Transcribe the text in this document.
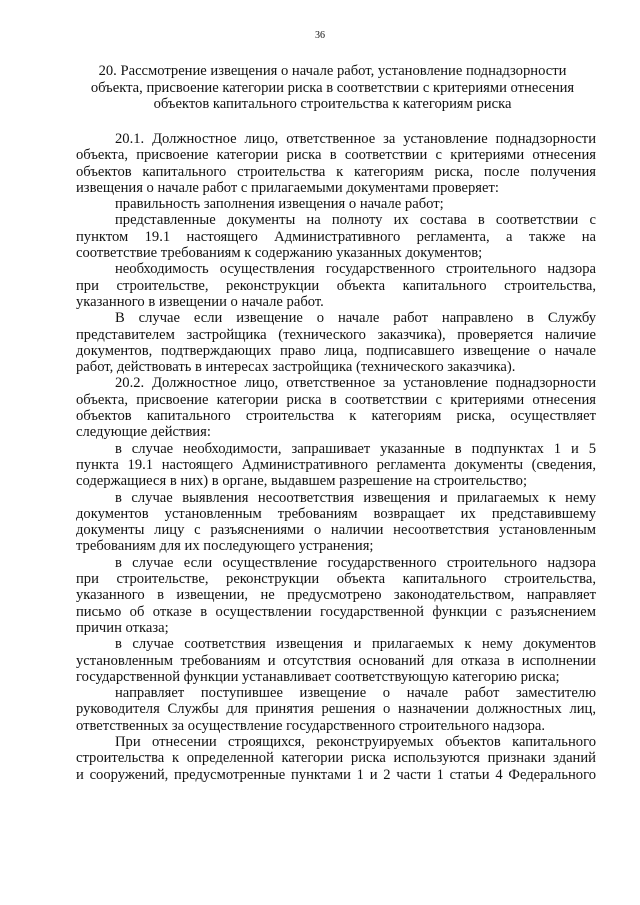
36
20. Рассмотрение извещения о начале работ, установление поднадзорности
объекта, присвоение категории риска в соответствии с критериями отнесения
объектов капитального строительства к категориям риска
20.1. Должностное лицо, ответственное за установление поднадзорности
объекта, присвоение категории риска в соответствии с критериями отнесения
объектов капитального строительства к категориям риска, после получения
извещения о начале работ с прилагаемыми документами проверяет:
правильность заполнения извещения о начале работ;
представленные документы на полноту их состава в соответствии с
пунктом 19.1 настоящего Административного регламента, а также на
соответствие требованиям к содержанию указанных документов;
необходимость осуществления государственного строительного надзора
при строительстве, реконструкции объекта капитального строительства,
указанного в извещении о начале работ.
В случае если извещение о начале работ направлено в Службу
представителем застройщика (технического заказчика), проверяется наличие
документов, подтверждающих право лица, подписавшего извещение о начале
работ, действовать в интересах застройщика (технического заказчика).
20.2. Должностное лицо, ответственное за установление поднадзорности
объекта, присвоение категории риска в соответствии с критериями отнесения
объектов капитального строительства к категориям риска, осуществляет
следующие действия:
в случае необходимости, запрашивает указанные в подпунктах 1 и 5
пункта 19.1 настоящего Административного регламента документы (сведения,
содержащиеся в них) в органе, выдавшем разрешение на строительство;
в случае выявления несоответствия извещения и прилагаемых к нему
документов установленным требованиям возвращает их представившему
документы лицу с разъяснениями о наличии несоответствия установленным
требованиям для их последующего устранения;
в случае если осуществление государственного строительного надзора
при строительстве, реконструкции объекта капитального строительства,
указанного в извещении, не предусмотрено законодательством, направляет
письмо об отказе в осуществлении государственной функции с разъяснением
причин отказа;
в случае соответствия извещения и прилагаемых к нему документов
установленным требованиям и отсутствия оснований для отказа в исполнении
государственной функции устанавливает соответствующую категорию риска;
направляет поступившее извещение о начале работ заместителю
руководителя Службы для принятия решения о назначении должностных лиц,
ответственных за осуществление государственного строительного надзора.
При отнесении строящихся, реконструируемых объектов капитального
строительства к определенной категории риска используются признаки зданий
и сооружений, предусмотренные пунктами 1 и 2 части 1 статьи 4 Федерального
